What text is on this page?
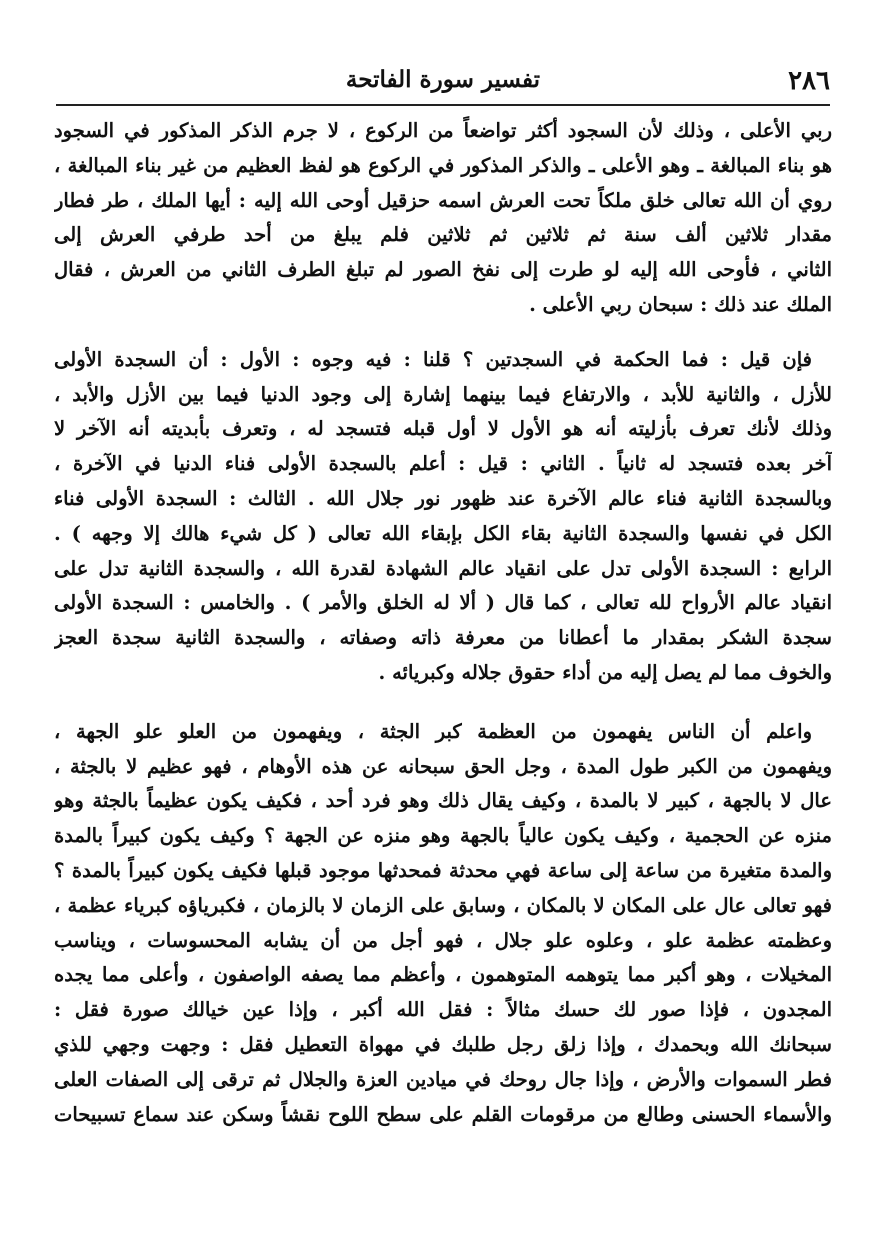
٢٨٦
تفسير سورة الفاتحة
ربي الأعلى ، وذلك لأن السجود أكثر تواضعاً من الركوع ، لا جرم الذكر المذكور في السجود
هو بناء المبالغة ـ وهو الأعلى ـ والذكر المذكور في الركوع هو لفظ العظيم من غير بناء المبالغة ،
روي أن الله تعالى خلق ملكاً تحت العرش اسمه حزقيل أوحى الله إليه : أيها الملك ، طر فطار
مقدار ثلاثين ألف سنة ثم ثلاثين ثم ثلاثين فلم يبلغ من أحد طرفي العرش إلى
الثاني ، فأوحى الله إليه لو طرت إلى نفخ الصور لم تبلغ الطرف الثاني من العرش ، فقال
الملك عند ذلك : سبحان ربي الأعلى .
فإن قيل : فما الحكمة في السجدتين ؟ قلنا : فيه وجوه : الأول : أن السجدة الأولى
للأزل ، والثانية للأبد ، والارتفاع فيما بينهما إشارة إلى وجود الدنيا فيما بين الأزل والأبد ،
وذلك لأنك تعرف بأزليته أنه هو الأول لا أول قبله فتسجد له ، وتعرف بأبديته أنه الآخر لا
آخر بعده فتسجد له ثانياً . الثاني : قيل : أعلم بالسجدة الأولى فناء الدنيا في الآخرة ،
وبالسجدة الثانية فناء عالم الآخرة عند ظهور نور جلال الله . الثالث : السجدة الأولى فناء
الكل في نفسها والسجدة الثانية بقاء الكل بإبقاء الله تعالى ( كل شيء هالك إلا وجهه ) .
الرابع : السجدة الأولى تدل على انقياد عالم الشهادة لقدرة الله ، والسجدة الثانية تدل على
انقياد عالم الأرواح لله تعالى ، كما قال ( ألا له الخلق والأمر ) . والخامس : السجدة الأولى
سجدة الشكر بمقدار ما أعطانا من معرفة ذاته وصفاته ، والسجدة الثانية سجدة العجز
والخوف مما لم يصل إليه من أداء حقوق جلاله وكبريائه .
واعلم أن الناس يفهمون من العظمة كبر الجثة ، ويفهمون من العلو علو الجهة ،
ويفهمون من الكبر طول المدة ، وجل الحق سبحانه عن هذه الأوهام ، فهو عظيم لا بالجثة ،
عال لا بالجهة ، كبير لا بالمدة ، وكيف يقال ذلك وهو فرد أحد ، فكيف يكون عظيماً بالجثة وهو
منزه عن الحجمية ، وكيف يكون عالياً بالجهة وهو منزه عن الجهة ؟ وكيف يكون كبيراً بالمدة
والمدة متغيرة من ساعة إلى ساعة فهي محدثة فمحدثها موجود قبلها فكيف يكون كبيراً بالمدة ؟
فهو تعالى عال على المكان لا بالمكان ، وسابق على الزمان لا بالزمان ، فكبرياؤه كبرياء عظمة ،
وعظمته عظمة علو ، وعلوه علو جلال ، فهو أجل من أن يشابه المحسوسات ، ويناسب
المخيلات ، وهو أكبر مما يتوهمه المتوهمون ، وأعظم مما يصفه الواصفون ، وأعلى مما يجده
المجدون ، فإذا صور لك حسك مثالاً : فقل الله أكبر ، وإذا عين خيالك صورة فقل :
سبحانك الله وبحمدك ، وإذا زلق رجل طلبك في مهواة التعطيل فقل : وجهت وجهي للذي
فطر السموات والأرض ، وإذا جال روحك في ميادين العزة والجلال ثم ترقى إلى الصفات العلى
والأسماء الحسنى وطالع من مرقومات القلم على سطح اللوح نقشاً وسكن عند سماع تسبيحات
